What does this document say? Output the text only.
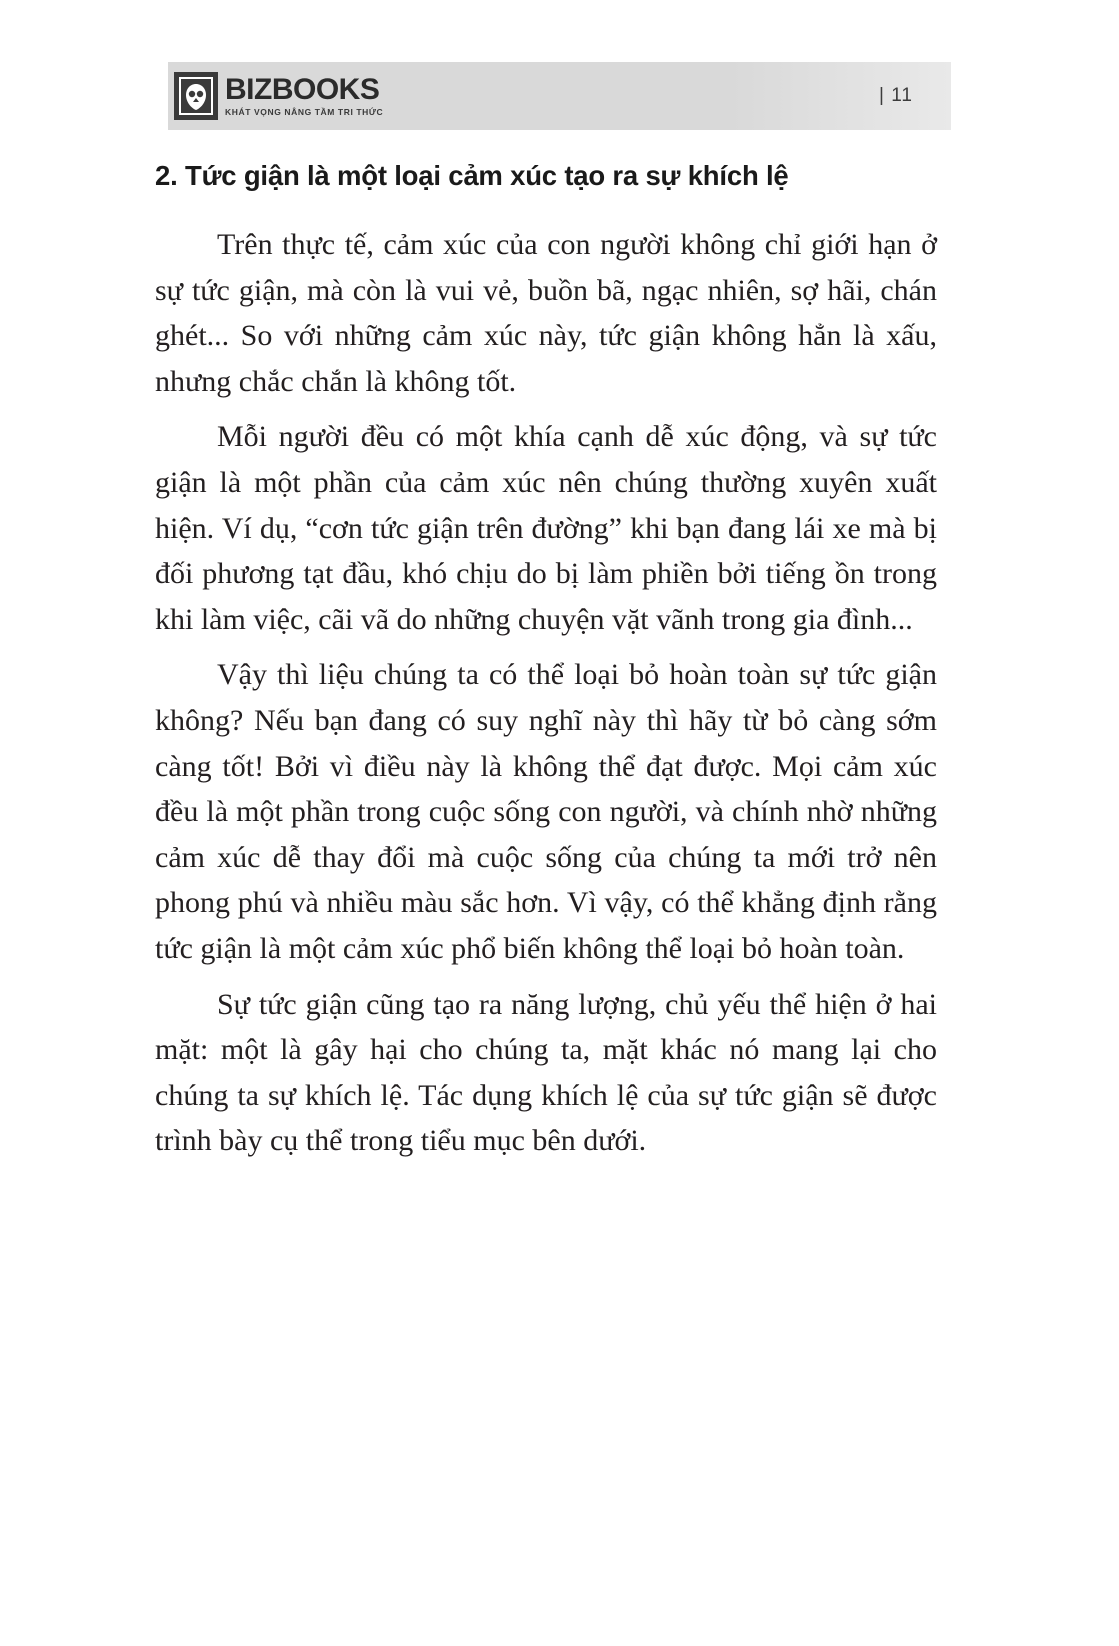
BIZBOOKS
KHÁT VỌNG NÂNG TẦM TRI THỨC
| 11
2. Tức giận là một loại cảm xúc tạo ra sự khích lệ

Trên thực tế, cảm xúc của con người không chỉ giới hạn ở sự tức giận, mà còn là vui vẻ, buồn bã, ngạc nhiên, sợ hãi, chán ghét... So với những cảm xúc này, tức giận không hẳn là xấu, nhưng chắc chắn là không tốt.

Mỗi người đều có một khía cạnh dễ xúc động, và sự tức giận là một phần của cảm xúc nên chúng thường xuyên xuất hiện. Ví dụ, “cơn tức giận trên đường” khi bạn đang lái xe mà bị đối phương tạt đầu, khó chịu do bị làm phiền bởi tiếng ồn trong khi làm việc, cãi vã do những chuyện vặt vãnh trong gia đình...

Vậy thì liệu chúng ta có thể loại bỏ hoàn toàn sự tức giận không? Nếu bạn đang có suy nghĩ này thì hãy từ bỏ càng sớm càng tốt! Bởi vì điều này là không thể đạt được. Mọi cảm xúc đều là một phần trong cuộc sống con người, và chính nhờ những cảm xúc dễ thay đổi mà cuộc sống của chúng ta mới trở nên phong phú và nhiều màu sắc hơn. Vì vậy, có thể khẳng định rằng tức giận là một cảm xúc phổ biến không thể loại bỏ hoàn toàn.

Sự tức giận cũng tạo ra năng lượng, chủ yếu thể hiện ở hai mặt: một là gây hại cho chúng ta, mặt khác nó mang lại cho chúng ta sự khích lệ. Tác dụng khích lệ của sự tức giận sẽ được trình bày cụ thể trong tiểu mục bên dưới.
